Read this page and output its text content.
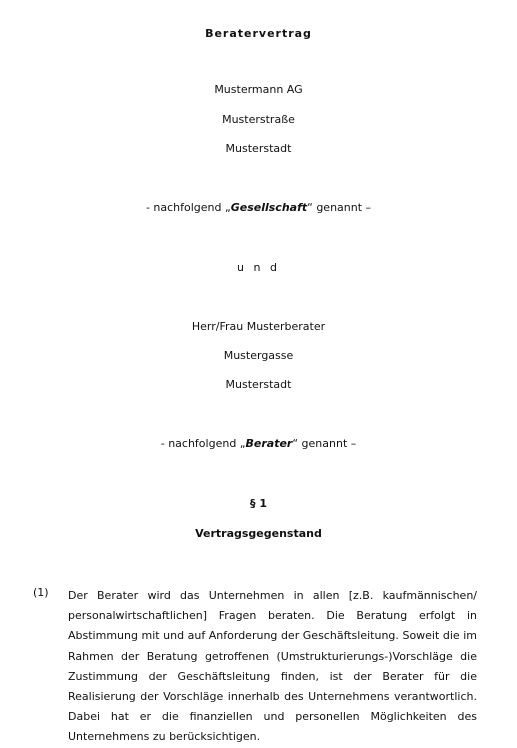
Beratervertrag
Mustermann AG
Musterstraße
Musterstadt
- nachfolgend „Gesellschaft“ genannt –
u n d
Herr/Frau Musterberater
Mustergasse
Musterstadt
- nachfolgend „Berater“ genannt –
§ 1
Vertragsgegenstand
(1) Der Berater wird das Unternehmen in allen [z.B. kaufmännischen/ personalwirtschaftlichen] Fragen beraten. Die Beratung erfolgt in Abstimmung mit und auf Anforderung der Geschäftsleitung. Soweit die im Rahmen der Beratung getroffenen (Umstrukturierungs-)Vorschläge die Zustimmung der Geschäftsleitung finden, ist der Berater für die Realisierung der Vorschläge innerhalb des Unternehmens verantwortlich. Dabei hat er die finanziellen und personellen Möglichkeiten des Unternehmens zu berücksichtigen.
